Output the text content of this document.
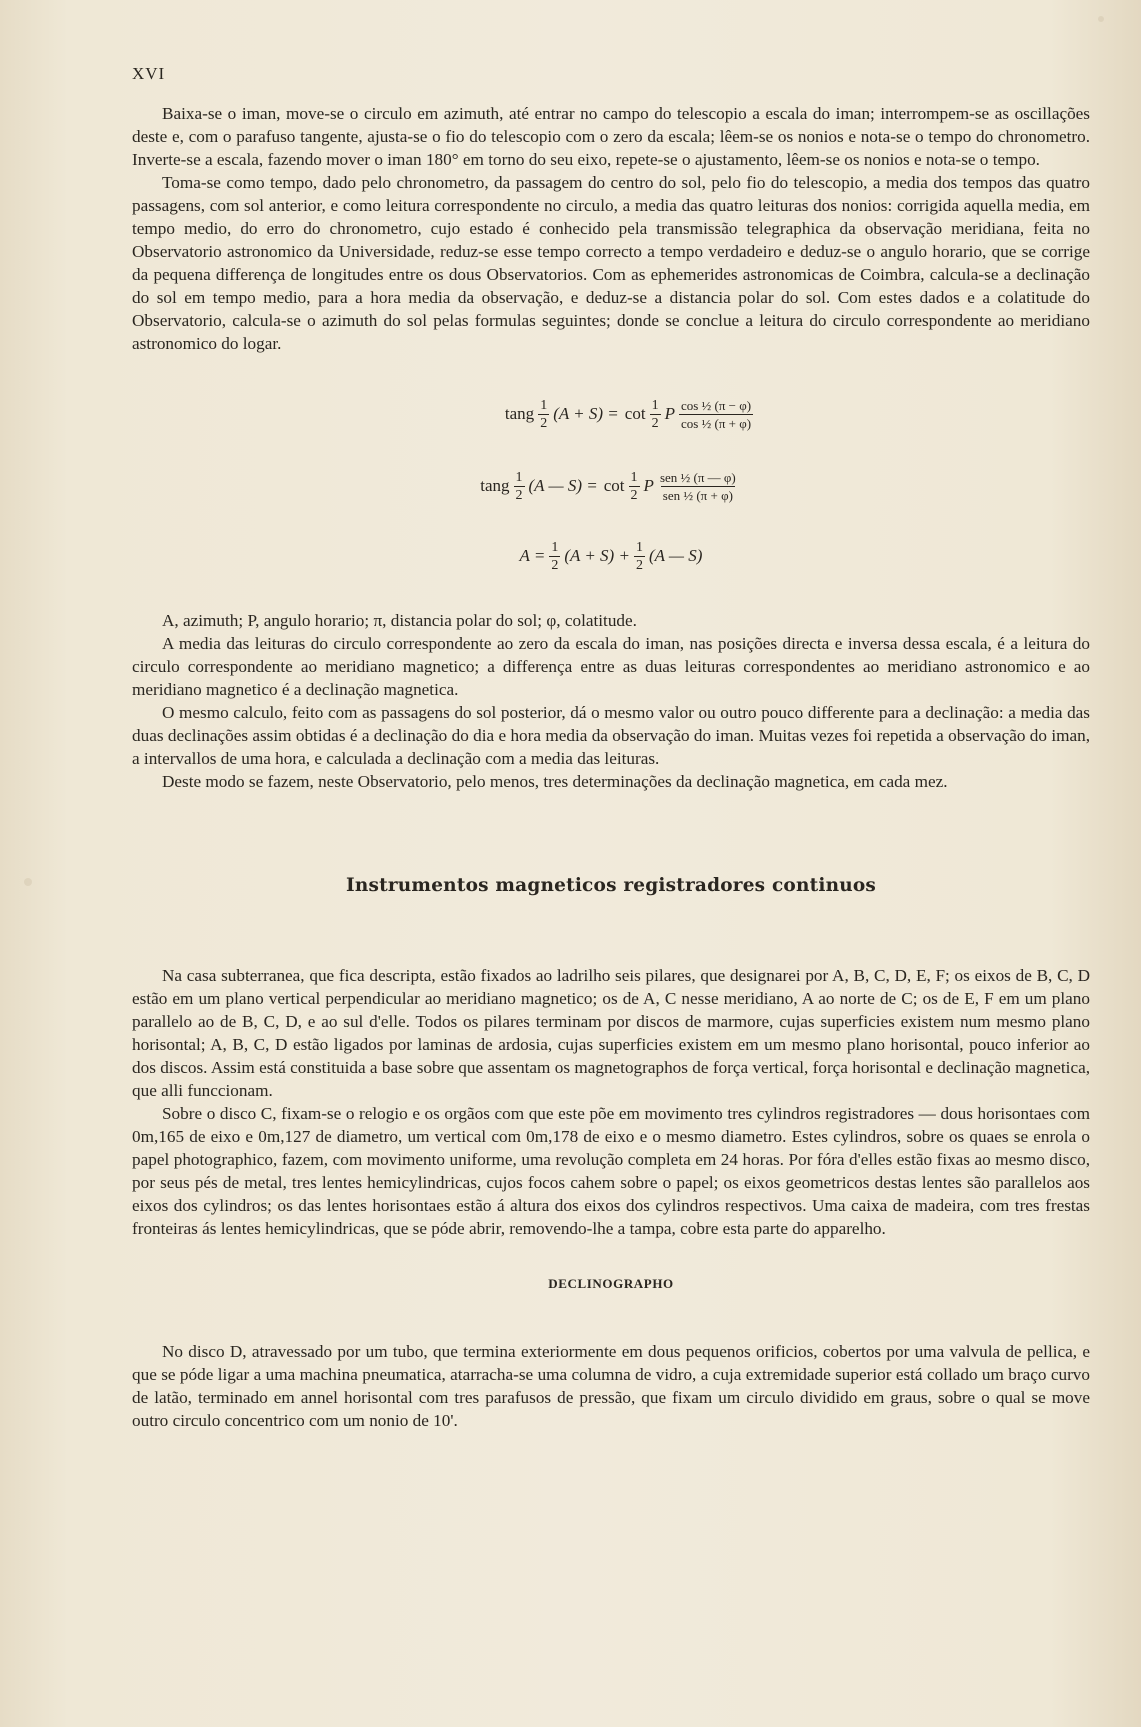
XVI

Baixa-se o iman, move-se o circulo em azimuth, até entrar no campo do telescopio a escala do iman; interrompem-se as oscillações deste e, com o parafuso tangente, ajusta-se o fio do telescopio com o zero da escala; lêem-se os nonios e nota-se o tempo do chronometro. Inverte-se a escala, fazendo mover o iman 180° em torno do seu eixo, repete-se o ajustamento, lêem-se os nonios e nota-se o tempo.

Toma-se como tempo, dado pelo chronometro, da passagem do centro do sol, pelo fio do telescopio, a media dos tempos das quatro passagens, com sol anterior, e como leitura correspondente no circulo, a media das quatro leituras dos nonios: corrigida aquella media, em tempo medio, do erro do chronometro, cujo estado é conhecido pela transmissão telegraphica da observação meridiana, feita no Observatorio astronomico da Universidade, reduz-se esse tempo correcto a tempo verdadeiro e deduz-se o angulo horario, que se corrige da pequena differença de longitudes entre os dous Observatorios. Com as ephemerides astronomicas de Coimbra, calcula-se a declinação do sol em tempo medio, para a hora media da observação, e deduz-se a distancia polar do sol. Com estes dados e a colatitude do Observatorio, calcula-se o azimuth do sol pelas formulas seguintes; donde se conclue a leitura do circulo correspondente ao meridiano astronomico do logar.

tang $\frac{1}{2} (A + S) = \cot \frac{1}{2}$ P $\frac{\text{cos ½ (π − φ)}}{\text{cos ½ (π + φ)}}$
tang $\frac{1}{2} (A$ — $S) = \cot \frac{1}{2}$ P $\frac{\text{sen ½ (π — φ)}}{\text{sen ½ (π + φ)}}$
$A = \frac{1}{2} (A + S) + \frac{1}{2} (A$ — S)

A, azimuth; P, angulo horario; π, distancia polar do sol; φ, colatitude.

A media das leituras do circulo correspondente ao zero da escala do iman, nas posições directa e inversa dessa escala, é a leitura do circulo correspondente ao meridiano magnetico; a differença entre as duas leituras correspondentes ao meridiano astronomico e ao meridiano magnetico é a declinação magnetica.

O mesmo calculo, feito com as passagens do sol posterior, dá o mesmo valor ou outro pouco differente para a declinação: a media das duas declinações assim obtidas é a declinação do dia e hora media da observação do iman. Muitas vezes foi repetida a observação do iman, a intervallos de uma hora, e calculada a declinação com a media das leituras.

Deste modo se fazem, neste Observatorio, pelo menos, tres determinações da declinação magnetica, em cada mez.

Instrumentos magneticos registradores continuos

Na casa subterranea, que fica descripta, estão fixados ao ladrilho seis pilares, que designarei por A, B, C, D, E, F; os eixos de B, C, D estão em um plano vertical perpendicular ao meridiano magnetico; os de A, C nesse meridiano, A ao norte de C; os de E, F em um plano parallelo ao de B, C, D, e ao sul d'elle. Todos os pilares terminam por discos de marmore, cujas superficies existem num mesmo plano horisontal; A, B, C, D estão ligados por laminas de ardosia, cujas superficies existem em um mesmo plano horisontal, pouco inferior ao dos discos. Assim está constituida a base sobre que assentam os magnetographos de força vertical, força horisontal e declinação magnetica, que alli funccionam.

Sobre o disco C, fixam-se o relogio e os orgãos com que este põe em movimento tres cylindros registradores — dous horisontaes com 0m,165 de eixo e 0m,127 de diametro, um vertical com 0m,178 de eixo e o mesmo diametro. Estes cylindros, sobre os quaes se enrola o papel photographico, fazem, com movimento uniforme, uma revolução completa em 24 horas. Por fóra d'elles estão fixas ao mesmo disco, por seus pés de metal, tres lentes hemicylindricas, cujos focos cahem sobre o papel; os eixos geometricos destas lentes são parallelos aos eixos dos cylindros; os das lentes horisontaes estão á altura dos eixos dos cylindros respectivos. Uma caixa de madeira, com tres frestas fronteiras ás lentes hemicylindricas, que se póde abrir, removendo-lhe a tampa, cobre esta parte do apparelho.

DECLINOGRAPHO

No disco D, atravessado por um tubo, que termina exteriormente em dous pequenos orificios, cobertos por uma valvula de pellica, e que se póde ligar a uma machina pneumatica, atarracha-se uma columna de vidro, a cuja extremidade superior está collado um braço curvo de latão, terminado em annel horisontal com tres parafusos de pressão, que fixam um circulo dividido em graus, sobre o qual se move outro circulo concentrico com um nonio de 10'.
